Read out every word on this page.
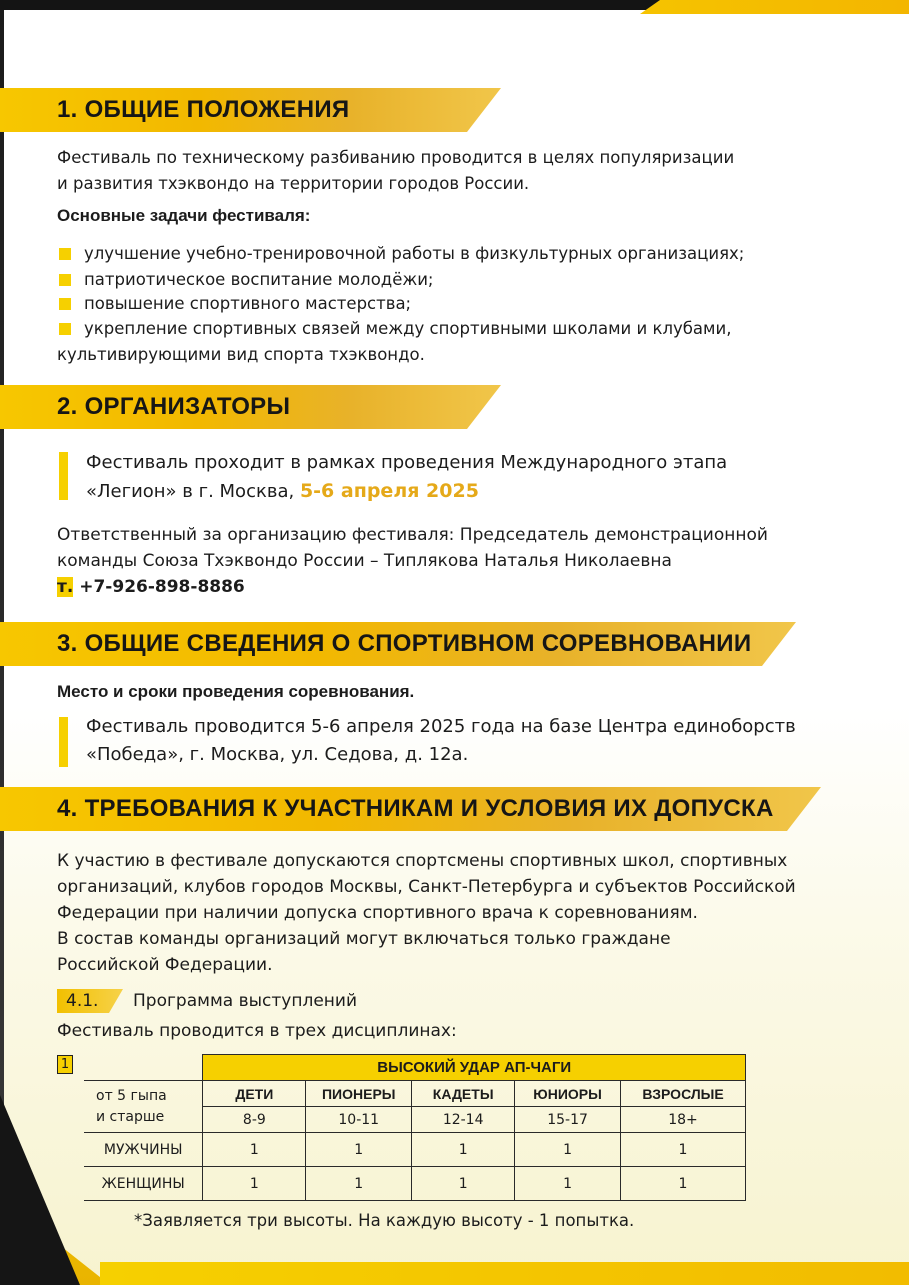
1. ОБЩИЕ ПОЛОЖЕНИЯ
Фестиваль по техническому разбиванию проводится в целях популяризации
и развития тхэквондо на территории городов России.
Основные задачи фестиваля:
улучшение учебно-тренировочной работы в физкультурных организациях;
патриотическое воспитание молодёжи;
повышение спортивного мастерства;
укрепление спортивных связей между спортивными школами и клубами,
культивирующими вид спорта тхэквондо.
2. ОРГАНИЗАТОРЫ
Фестиваль проходит в рамках проведения Международного этапа
«Легион» в г. Москва, 5-6 апреля 2025
Ответственный за организацию фестиваля: Председатель демонстрационной
команды Союза Тхэквондо России – Типлякова Наталья Николаевна
т. +7-926-898-8886
3. ОБЩИЕ СВЕДЕНИЯ О СПОРТИВНОМ СОРЕВНОВАНИИ
Место и сроки проведения соревнования.
Фестиваль проводится 5-6 апреля 2025 года на базе Центра единоборств
«Победа», г. Москва, ул. Седова, д. 12а.
4. ТРЕБОВАНИЯ К УЧАСТНИКАМ И УСЛОВИЯ ИХ ДОПУСКА
К участию в фестивале допускаются спортсмены спортивных школ, спортивных
организаций, клубов городов Москвы, Санкт-Петербурга и субъектов Российской
Федерации при наличии допуска спортивного врача к соревнованиям.
В состав команды организаций могут включаться только граждане
Российской Федерации.
4.1. Программа выступлений
Фестиваль проводится в трех дисциплинах:
1
		ВЫСОКИЙ УДАР АП-ЧАГИ				

от 5 гыпа
и старше	ДЕТИ	ПИОНЕРЫ	КАДЕТЫ	ЮНИОРЫ	ВЗРОСЛЫЕ
	8-9	10-11	12-14	15-17	18+
МУЖЧИНЫ	1	1	1	1	1
ЖЕНЩИНЫ	1	1	1	1	1
*Заявляется три высоты. На каждую высоту - 1 попытка.
